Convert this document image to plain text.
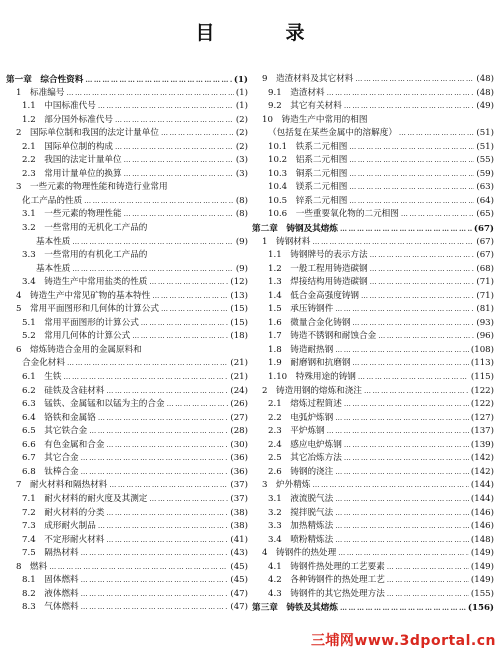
目　录
第一章　综合性资料 …………………………………………………………………………………………………………………………	(1)
1　标准编号 …………………………………………………………………………………………………………………………	(1)
1.1　中国标准代号 …………………………………………………………………………………………………………………………	(1)
1.2　部分国外标准代号 …………………………………………………………………………………………………………………………	(2)
2　国际单位制和我国的法定计量单位 …………………………………………………………………………………………………………………………	(2)
2.1　国际单位制的构成 …………………………………………………………………………………………………………………………	(2)
2.2　我国的法定计量单位 …………………………………………………………………………………………………………………………	(3)
2.3　常用计量单位的换算 …………………………………………………………………………………………………………………………	(3)
3　一些元素的物理性能和铸造行业常用
化工产品的性质 …………………………………………………………………………………………………………………………	(8)
3.1　一些元素的物理性能 …………………………………………………………………………………………………………………………	(8)
3.2　一些常用的无机化工产品的
基本性质 …………………………………………………………………………………………………………………………	(9)
3.3　一些常用的有机化工产品的
基本性质 …………………………………………………………………………………………………………………………	(9)
3.4　铸造生产中常用盐类的性质 …………………………………………………………………………………………………………………………	(12)
4　铸造生产中常见矿物的基本特性 …………………………………………………………………………………………………………………………	(13)
5　常用平面图形和几何体的计算公式 …………………………………………………………………………………………………………………………	(15)
5.1　常用平面图形的计算公式 …………………………………………………………………………………………………………………………	(15)
5.2　常用几何体的计算公式 …………………………………………………………………………………………………………………………	(18)
6　熔炼铸造合金用的金属原料和
合金化材料 …………………………………………………………………………………………………………………………	(21)
6.1　生铁 …………………………………………………………………………………………………………………………	(21)
6.2　硅铁及含硅材料 …………………………………………………………………………………………………………………………	(24)
6.3　锰铁、金属锰和以锰为主的合金 …………………………………………………………………………………………………………………………	(26)
6.4　铬铁和金属铬 …………………………………………………………………………………………………………………………	(27)
6.5　其它铁合金 …………………………………………………………………………………………………………………………	(28)
6.6　有色金属和合金 …………………………………………………………………………………………………………………………	(30)
6.7　其它合金 …………………………………………………………………………………………………………………………	(36)
6.8　钛棒合金 …………………………………………………………………………………………………………………………	(36)
7　耐火材料和隔热材料 …………………………………………………………………………………………………………………………	(37)
7.1　耐火材料的耐火度及其测定 …………………………………………………………………………………………………………………………	(37)
7.2　耐火材料的分类 …………………………………………………………………………………………………………………………	(38)
7.3　成形耐火制品 …………………………………………………………………………………………………………………………	(38)
7.4　不定形耐火材料 …………………………………………………………………………………………………………………………	(41)
7.5　隔热材料 …………………………………………………………………………………………………………………………	(43)
8　燃料 …………………………………………………………………………………………………………………………	(45)
8.1　固体燃料 …………………………………………………………………………………………………………………………	(45)
8.2　液体燃料 …………………………………………………………………………………………………………………………	(47)
8.3　气体燃料 …………………………………………………………………………………………………………………………	(47)
9　造渣材料及其它材料 …………………………………………………………………………………………………………………………	(48)
9.1　造渣材料 …………………………………………………………………………………………………………………………	(48)
9.2　其它有关材料 …………………………………………………………………………………………………………………………	(49)
10　铸造生产中常用的相图
（包括复在某些金属中的溶解度） …………………………………………………………………………………………………………………………	(51)
10.1　铁系二元相图 …………………………………………………………………………………………………………………………	(51)
10.2　铝系二元相图 …………………………………………………………………………………………………………………………	(55)
10.3　铜系二元相图 …………………………………………………………………………………………………………………………	(59)
10.4　镁系二元相图 …………………………………………………………………………………………………………………………	(63)
10.5　锌系二元相图 …………………………………………………………………………………………………………………………	(64)
10.6　一些重要氧化物的二元相图 …………………………………………………………………………………………………………………………	(65)
第二章　铸钢及其熔炼 …………………………………………………………………………………………………………………………	(67)
1　铸钢材料 …………………………………………………………………………………………………………………………	(67)
1.1　铸钢牌号的表示方法 …………………………………………………………………………………………………………………………	(67)
1.2　一般工程用铸造碳钢 …………………………………………………………………………………………………………………………	(68)
1.3　焊接结构用铸造碳钢 …………………………………………………………………………………………………………………………	(71)
1.4　低合金高强度铸钢 …………………………………………………………………………………………………………………………	(71)
1.5　承压铸钢件 …………………………………………………………………………………………………………………………	(81)
1.6　微量合金化铸钢 …………………………………………………………………………………………………………………………	(93)
1.7　铸造不锈钢和耐蚀合金 …………………………………………………………………………………………………………………………	(96)
1.8　铸造耐热钢 …………………………………………………………………………………………………………………………	(108)
1.9　耐磨钢和抗磨钢 …………………………………………………………………………………………………………………………	(113)
1.10　特殊用途的铸钢 …………………………………………………………………………………………………………………………	(115)
2　铸造用钢的熔炼和浇注 …………………………………………………………………………………………………………………………	(122)
2.1　熔炼过程简述 …………………………………………………………………………………………………………………………	(122)
2.2　电弧炉炼钢 …………………………………………………………………………………………………………………………	(127)
2.3　平炉炼钢 …………………………………………………………………………………………………………………………	(137)
2.4　感应电炉炼钢 …………………………………………………………………………………………………………………………	(139)
2.5　其它冶炼方法 …………………………………………………………………………………………………………………………	(142)
2.6　铸钢的浇注 …………………………………………………………………………………………………………………………	(142)
3　炉外精炼 …………………………………………………………………………………………………………………………	(144)
3.1　液流脱气法 …………………………………………………………………………………………………………………………	(144)
3.2　搅拌脱气法 …………………………………………………………………………………………………………………………	(146)
3.3　加热精炼法 …………………………………………………………………………………………………………………………	(146)
3.4　喷粉精炼法 …………………………………………………………………………………………………………………………	(148)
4　铸钢件的热处理 …………………………………………………………………………………………………………………………	(149)
4.1　铸钢件热处理的工艺要素 …………………………………………………………………………………………………………………………	(149)
4.2　各种铸钢件的热处理工艺 …………………………………………………………………………………………………………………………	(149)
4.3　铸钢件的其它热处理方法 …………………………………………………………………………………………………………………………	(155)
第三章　铸铁及其熔炼 …………………………………………………………………………………………………………………………	(156)
三埔网www.3dportal.cn
